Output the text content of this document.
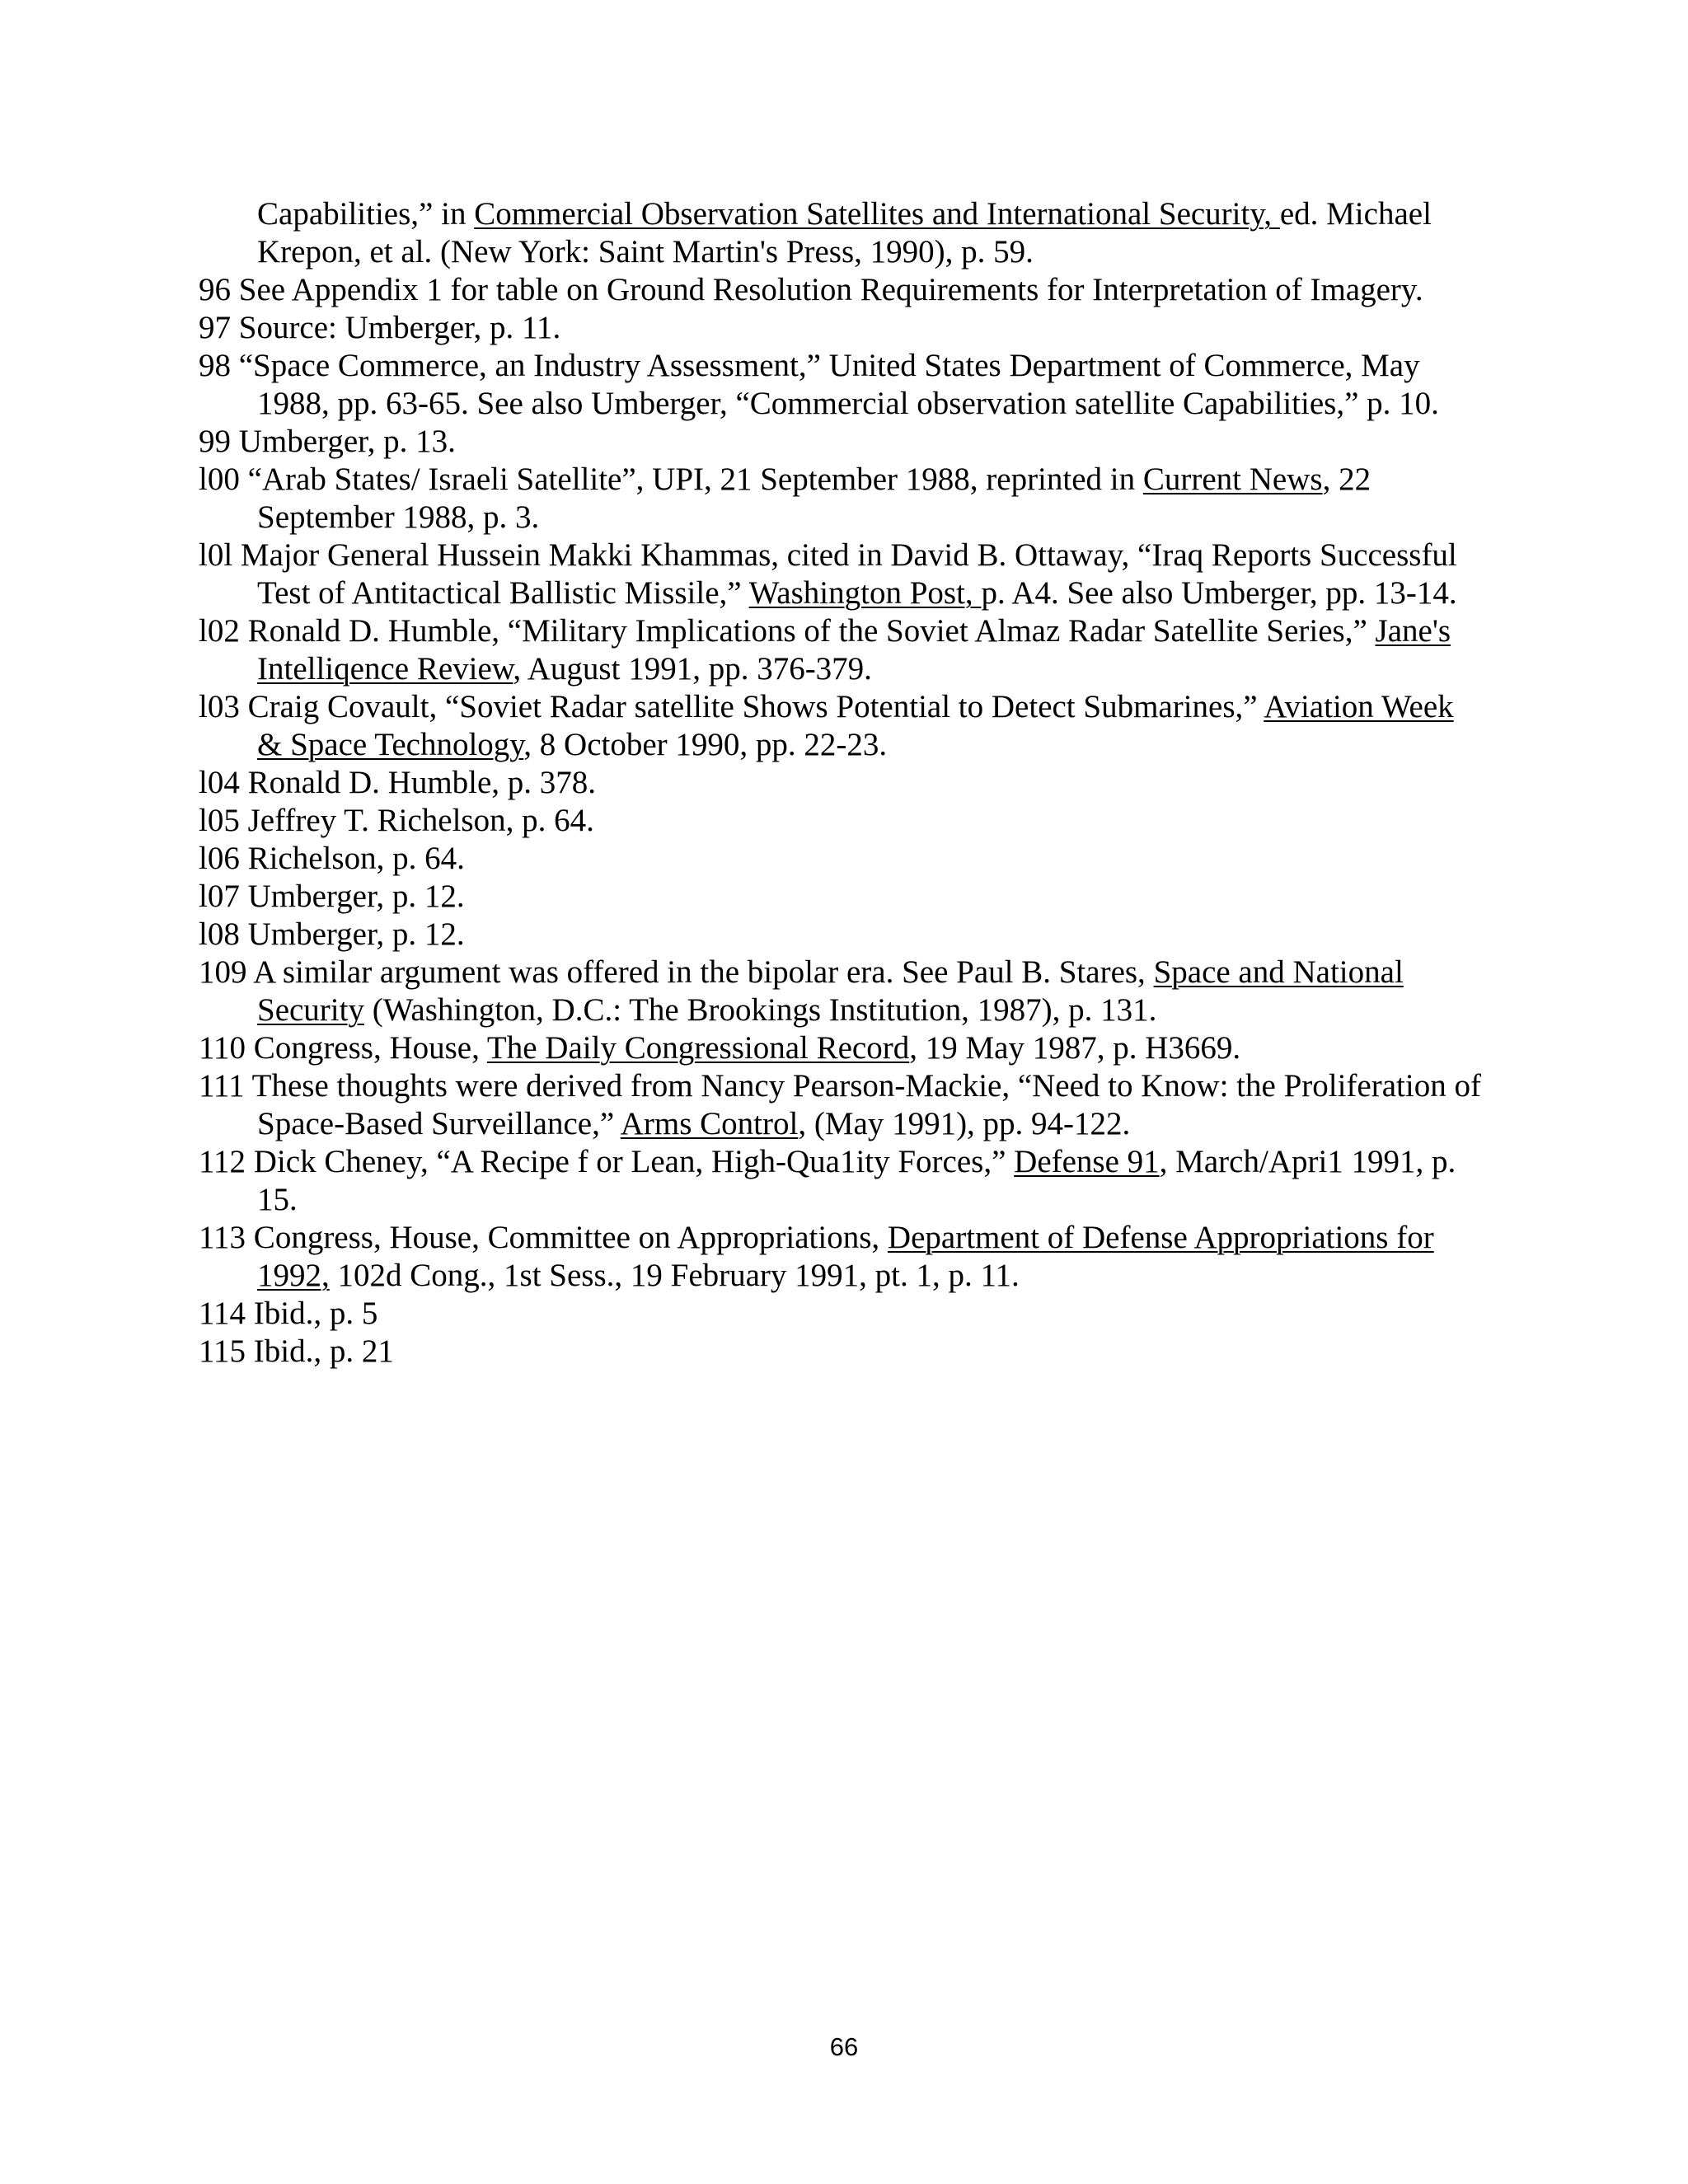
Capabilities,” in Commercial Observation Satellites and International Security, ed. Michael Krepon, et al. (New York: Saint Martin's Press, 1990), p. 59.
96 See Appendix 1 for table on Ground Resolution Requirements for Interpretation of Imagery.
97 Source: Umberger, p. 11.
98 “Space Commerce, an Industry Assessment,” United States Department of Commerce, May 1988, pp. 63-65. See also Umberger, “Commercial observation satellite Capabilities,” p. 10.
99 Umberger, p. 13.
l00 “Arab States/ Israeli Satellite”, UPI, 21 September 1988, reprinted in Current News, 22 September 1988, p. 3.
l0l Major General Hussein Makki Khammas, cited in David B. Ottaway, “Iraq Reports Successful Test of Antitactical Ballistic Missile,” Washington Post, p. A4. See also Umberger, pp. 13-14.
l02 Ronald D. Humble, “Military Implications of the Soviet Almaz Radar Satellite Series,” Jane's Intelliqence Review, August 1991, pp. 376-379.
l03 Craig Covault, “Soviet Radar satellite Shows Potential to Detect Submarines,” Aviation Week & Space Technology, 8 October 1990, pp. 22-23.
l04 Ronald D. Humble, p. 378.
l05 Jeffrey T. Richelson, p. 64.
l06 Richelson, p. 64.
l07 Umberger, p. 12.
l08 Umberger, p. 12.
109 A similar argument was offered in the bipolar era. See Paul B. Stares, Space and National Security (Washington, D.C.: The Brookings Institution, 1987), p. 131.
110 Congress, House, The Daily Congressional Record, 19 May 1987, p. H3669.
111 These thoughts were derived from Nancy Pearson-Mackie, “Need to Know: the Proliferation of Space-Based Surveillance,” Arms Control, (May 1991), pp. 94-122.
112 Dick Cheney, “A Recipe f or Lean, High-Qua1ity Forces,” Defense 91, March/Apri1 1991, p. 15.
113 Congress, House, Committee on Appropriations, Department of Defense Appropriations for 1992, 102d Cong., 1st Sess., 19 February 1991, pt. 1, p. 11.
114 Ibid., p. 5
115 Ibid., p. 21
66
